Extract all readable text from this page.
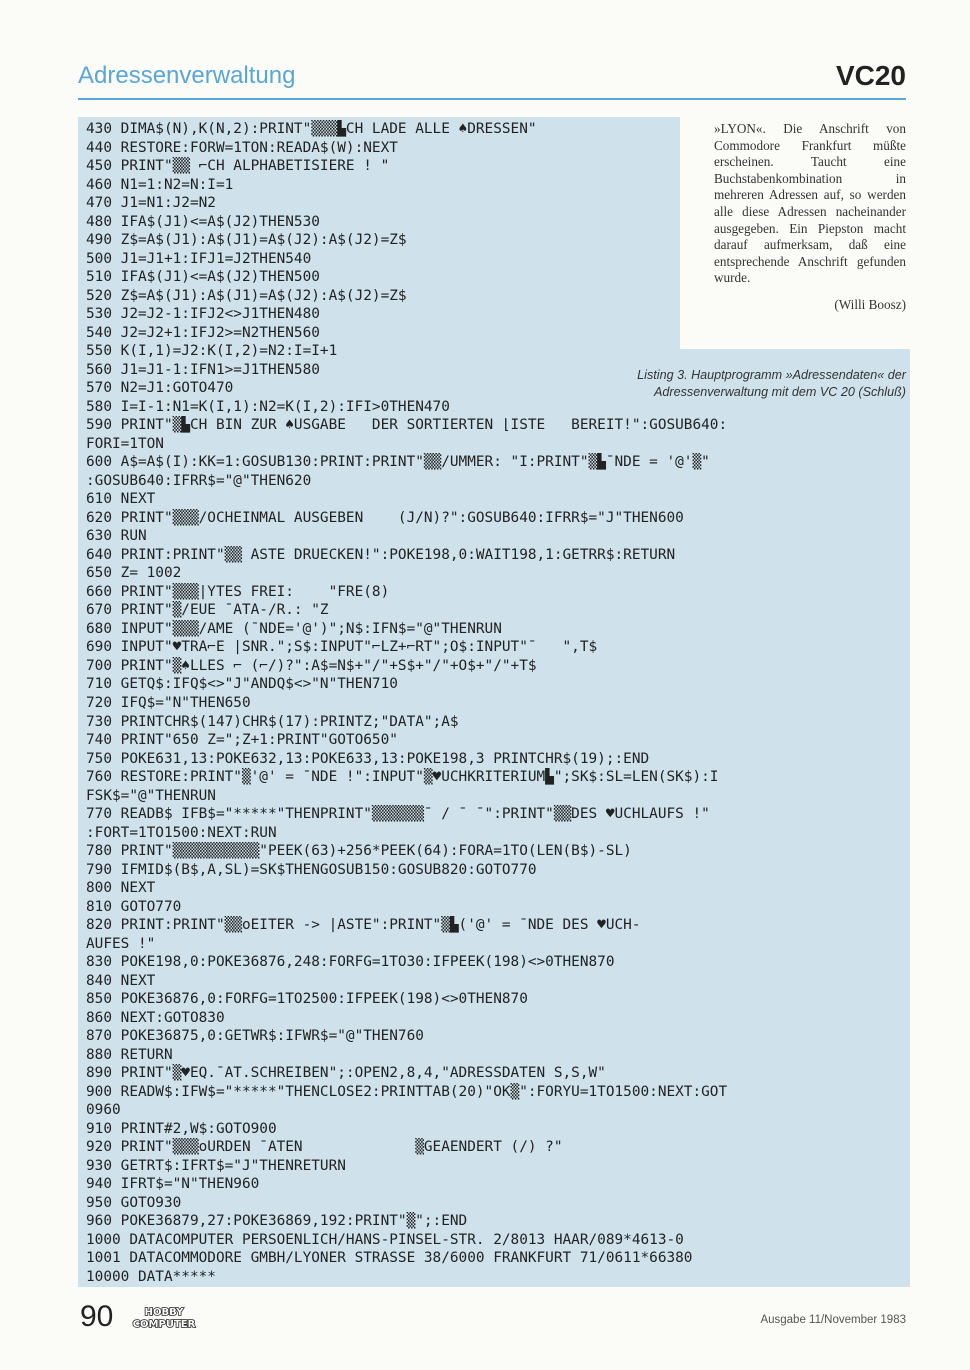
Adressenverwaltung	VC20
430 DIMA$(N),K(N,2):PRINT"▒▒▒▙CH LADE ALLE ♠DRESSEN"
440 RESTORE:FORW=1TON:READA$(W):NEXT
450 PRINT"▒▒ ⌐CH ALPHABETISIERE ! "
460 N1=1:N2=N:I=1
470 J1=N1:J2=N2
480 IFA$(J1)<=A$(J2)THEN530
490 Z$=A$(J1):A$(J1)=A$(J2):A$(J2)=Z$
500 J1=J1+1:IFJ1=J2THEN540
510 IFA$(J1)<=A$(J2)THEN500
520 Z$=A$(J1):A$(J1)=A$(J2):A$(J2)=Z$
530 J2=J2-1:IFJ2<>J1THEN480
540 J2=J2+1:IFJ2>=N2THEN560
550 K(I,1)=J2:K(I,2)=N2:I=I+1
560 J1=J1-1:IFN1>=J1THEN580
570 N2=J1:GOTO470
580 I=I-1:N1=K(I,1):N2=K(I,2):IFI>0THEN470
590 PRINT"▒▙CH BIN ZUR ♠USGABE   DER SORTIERTEN ⌊ISTE   BEREIT!":GOSUB640:
FORI=1TON
600 A$=A$(I):KK=1:GOSUB130:PRINT:PRINT"▒▒/UMMER: "I:PRINT"▒▙¯NDE = '@'▒"
:GOSUB640:IFRR$="@"THEN620
610 NEXT
620 PRINT"▒▒▒/OCHEINMAL AUSGEBEN    (J/N)?":GOSUB640:IFRR$="J"THEN600
630 RUN
640 PRINT:PRINT"▒▒ ASTE DRUECKEN!":POKE198,0:WAIT198,1:GETRR$:RETURN
650 Z= 1002
660 PRINT"▒▒▒|YTES FREI:    "FRE(8)
670 PRINT"▒/EUE ¯ATA-/R.: "Z
680 INPUT"▒▒▒/AME (¯NDE='@')";N$:IFN$="@"THENRUN
690 INPUT"♥TRA⌐E |SNR.";S$:INPUT"⌐LZ+⌐RT";O$:INPUT"¯   ",T$
700 PRINT"▒♠LLES ⌐ (⌐/)?":A$=N$+"/"+S$+"/"+O$+"/"+T$
710 GETQ$:IFQ$<>"J"ANDQ$<>"N"THEN710
720 IFQ$="N"THEN650
730 PRINTCHR$(147)CHR$(17):PRINTZ;"DATA";A$
740 PRINT"650 Z=";Z+1:PRINT"GOTO650"
750 POKE631,13:POKE632,13:POKE633,13:POKE198,3 PRINTCHR$(19);:END
760 RESTORE:PRINT"▒'@' = ¯NDE !":INPUT"▒♥UCHKRITERIUM▙";SK$:SL=LEN(SK$):I
FSK$="@"THENRUN
770 READB$ IFB$="*****"THENPRINT"▒▒▒▒▒▒¯ / ¯ ¯":PRINT"▒▒DES ♥UCHLAUFS !"
:FORT=1TO1500:NEXT:RUN
780 PRINT"▒▒▒▒▒▒▒▒▒▒"PEEK(63)+256*PEEK(64):FORA=1TO(LEN(B$)-SL)
790 IFMID$(B$,A,SL)=SK$THENGOSUB150:GOSUB820:GOTO770
800 NEXT
810 GOTO770
820 PRINT:PRINT"▒▒oEITER -> |ASTE":PRINT"▒▙('@' = ¯NDE DES ♥UCH-
AUFES !"
830 POKE198,0:POKE36876,248:FORFG=1TO30:IFPEEK(198)<>0THEN870
840 NEXT
850 POKE36876,0:FORFG=1TO2500:IFPEEK(198)<>0THEN870
860 NEXT:GOTO830
870 POKE36875,0:GETWR$:IFWR$="@"THEN760
880 RETURN
890 PRINT"▒♥EQ.¯AT.SCHREIBEN";:OPEN2,8,4,"ADRESSDATEN S,S,W"
900 READW$:IFW$="*****"THENCLOSE2:PRINTTAB(20)"OK▒":FORYU=1TO1500:NEXT:GOT
0960
910 PRINT#2,W$:GOTO900
920 PRINT"▒▒▒oURDEN ¯ATEN             ▒GEAENDERT (/) ?"
930 GETRT$:IFRT$="J"THENRETURN
940 IFRT$="N"THEN960
950 GOTO930
960 POKE36879,27:POKE36869,192:PRINT"▒";:END
1000 DATACOMPUTER PERSOENLICH/HANS-PINSEL-STR. 2/8013 HAAR/089*4613-0
1001 DATACOMMODORE GMBH/LYONER STRASSE 38/6000 FRANKFURT 71/0611*66380
10000 DATA*****
»LYON«. Die Anschrift von Commodore Frankfurt müßte erscheinen. Taucht eine Buchstabenkombination in mehreren Adressen auf, so werden alle diese Adressen nacheinander ausgegeben. Ein Piepston macht darauf aufmerksam, daß eine entsprechende Anschrift gefunden wurde.
(Willi Boosz)
Listing 3. Hauptprogramm »Adressendaten« der
Adressenverwaltung mit dem VC 20 (Schluß)
90	HOBBY
COMPUTER	Ausgabe 11/November 1983
